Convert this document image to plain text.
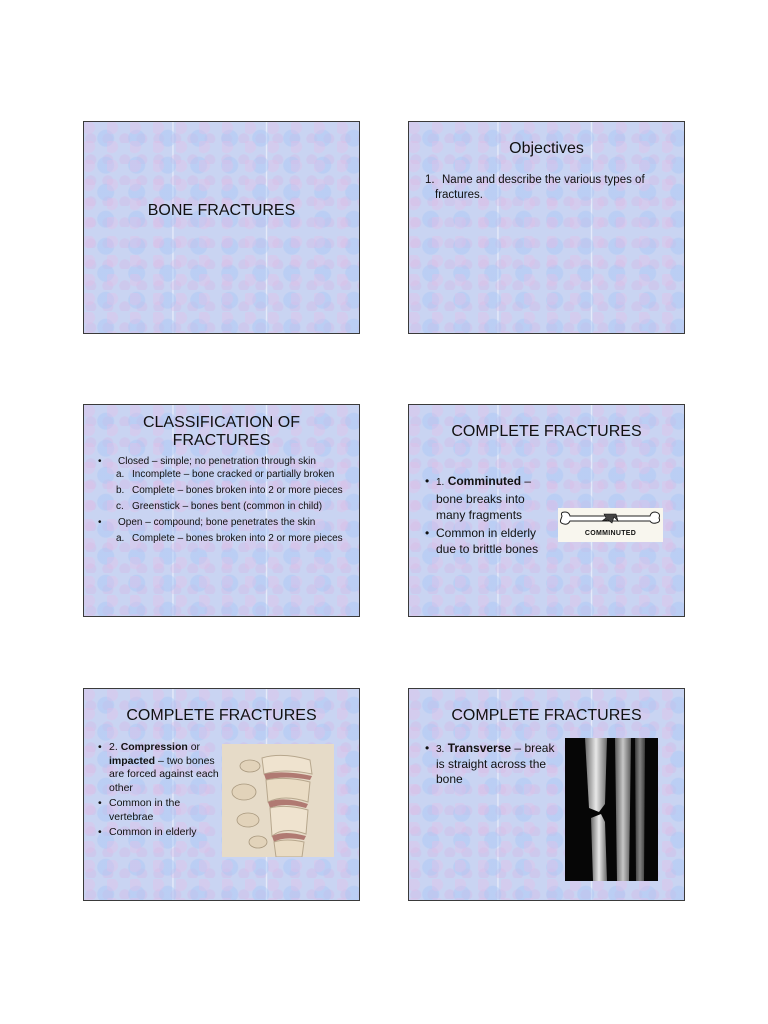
BONE FRACTURES
Objectives
1. Name and describe the various types of fractures.
CLASSIFICATION OF
FRACTURES
• Closed – simple; no penetration through skin
a. Incomplete – bone cracked or partially broken
b. Complete – bones broken into 2 or more pieces
c. Greenstick – bones bent (common in child)
• Open – compound; bone penetrates the skin
a. Complete – bones broken into 2 or more pieces
COMPLETE FRACTURES
• 1. Comminuted – bone breaks into many fragments
• Common in elderly due to brittle bones
COMMINUTED
COMPLETE FRACTURES
• 2. Compression or impacted – two bones are forced against each other
• Common in the vertebrae
• Common in elderly
COMPLETE FRACTURES
• 3. Transverse – break is straight across the bone
